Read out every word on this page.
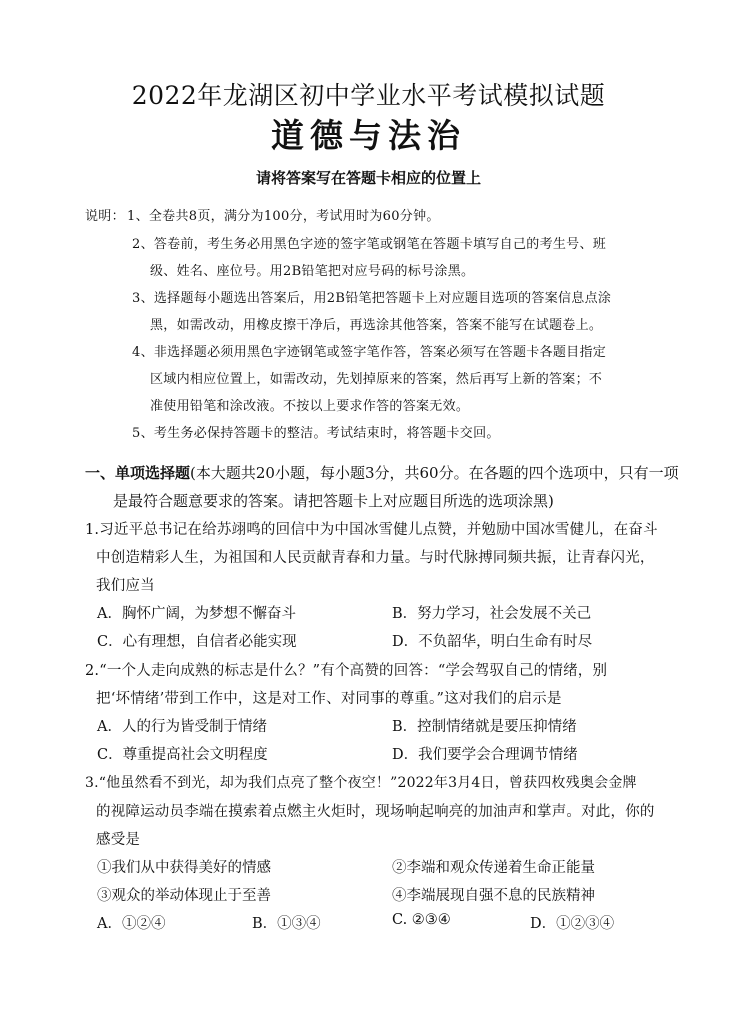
2022年龙湖区初中学业水平考试模拟试题
道德与法治
请将答案写在答题卡相应的位置上
说明： 1、全卷共8页，满分为100分，考试用时为60分钟。
2、答卷前，考生务必用黑色字迹的签字笔或钢笔在答题卡填写自己的考生号、班
级、姓名、座位号。用2B铅笔把对应号码的标号涂黑。
3、选择题每小题选出答案后，用2B铅笔把答题卡上对应题目选项的答案信息点涂
黑，如需改动，用橡皮擦干净后，再选涂其他答案，答案不能写在试题卷上。
4、非选择题必须用黑色字迹钢笔或签字笔作答，答案必须写在答题卡各题目指定
区域内相应位置上，如需改动，先划掉原来的答案，然后再写上新的答案；不
准使用铅笔和涂改液。不按以上要求作答的答案无效。
5、考生务必保持答题卡的整洁。考试结束时，将答题卡交回。
一、单项选择题(本大题共20小题，每小题3分，共60分。在各题的四个选项中，只有一项
是最符合题意要求的答案。请把答题卡上对应题目所选的选项涂黑)
1.习近平总书记在给苏翊鸣的回信中为中国冰雪健儿点赞，并勉励中国冰雪健儿，在奋斗
中创造精彩人生，为祖国和人民贡献青春和力量。与时代脉搏同频共振，让青春闪光，
我们应当
A．胸怀广阔，为梦想不懈奋斗	B．努力学习，社会发展不关己
C．心有理想，自信者必能实现	D．不负韶华，明白生命有时尽
2.“一个人走向成熟的标志是什么？”有个高赞的回答：“学会驾驭自己的情绪，别
把‘坏情绪’带到工作中，这是对工作、对同事的尊重。”这对我们的启示是
A．人的行为皆受制于情绪	B．控制情绪就是要压抑情绪
C．尊重提高社会文明程度	D．我们要学会合理调节情绪
3.“他虽然看不到光，却为我们点亮了整个夜空！”2022年3月4日，曾获四枚残奥会金牌
的视障运动员李端在摸索着点燃主火炬时，现场响起响亮的加油声和掌声。对此，你的
感受是
①我们从中获得美好的情感	②李端和观众传递着生命正能量
③观众的举动体现止于至善	④李端展现自强不息的民族精神
A．①②④	B．①③④	C. ②③④	D．①②③④
